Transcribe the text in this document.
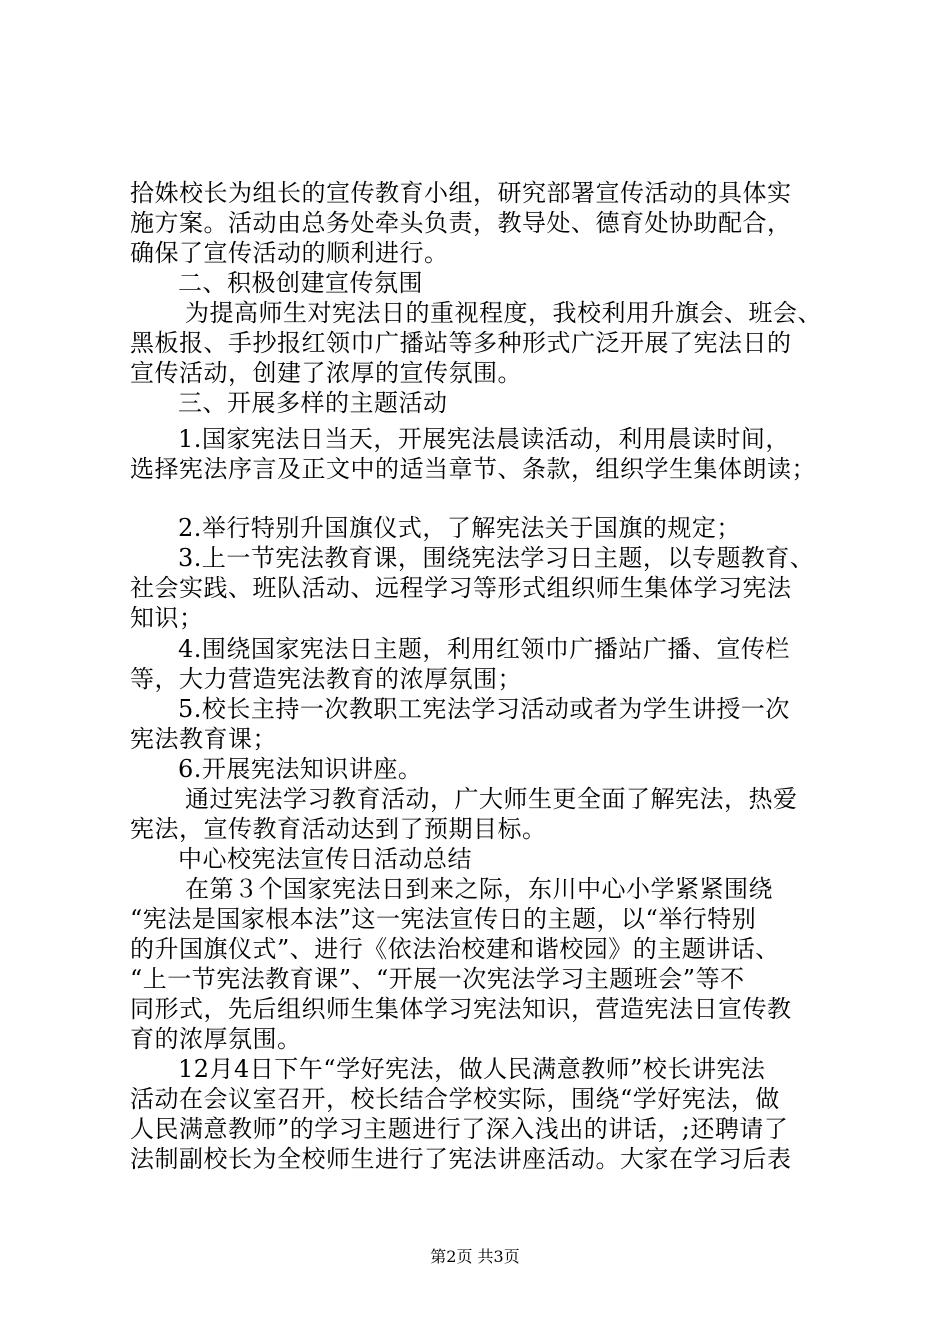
拾姝校长为组长的宣传教育小组，研究部署宣传活动的具体实
施方案。活动由总务处牵头负责，教导处、德育处协助配合，
确保了宣传活动的顺利进行。
二、积极创建宣传氛围
为提高师生对宪法日的重视程度，我校利用升旗会、班会、
黑板报、手抄报红领巾广播站等多种形式广泛开展了宪法日的
宣传活动，创建了浓厚的宣传氛围。
三、开展多样的主题活动
1.国家宪法日当天，开展宪法晨读活动，利用晨读时间，
选择宪法序言及正文中的适当章节、条款，组织学生集体朗读；
2.举行特别升国旗仪式，了解宪法关于国旗的规定；
3.上一节宪法教育课，围绕宪法学习日主题，以专题教育、
社会实践、班队活动、远程学习等形式组织师生集体学习宪法
知识；
4.围绕国家宪法日主题，利用红领巾广播站广播、宣传栏
等，大力营造宪法教育的浓厚氛围；
5.校长主持一次教职工宪法学习活动或者为学生讲授一次
宪法教育课；
6.开展宪法知识讲座。
通过宪法学习教育活动，广大师生更全面了解宪法，热爱
宪法，宣传教育活动达到了预期目标。
中心校宪法宣传日活动总结
在第３个国家宪法日到来之际，东川中心小学紧紧围绕
“宪法是国家根本法”这一宪法宣传日的主题，以“举行特别
的升国旗仪式”、进行《依法治校建和谐校园》的主题讲话、
“上一节宪法教育课”、“开展一次宪法学习主题班会”等不
同形式，先后组织师生集体学习宪法知识，营造宪法日宣传教
育的浓厚氛围。
12月4日下午“学好宪法，做人民满意教师”校长讲宪法
活动在会议室召开，校长结合学校实际，围绕“学好宪法，做
人民满意教师”的学习主题进行了深入浅出的讲话，;还聘请了
法制副校长为全校师生进行了宪法讲座活动。大家在学习后表
第2页 共3页
